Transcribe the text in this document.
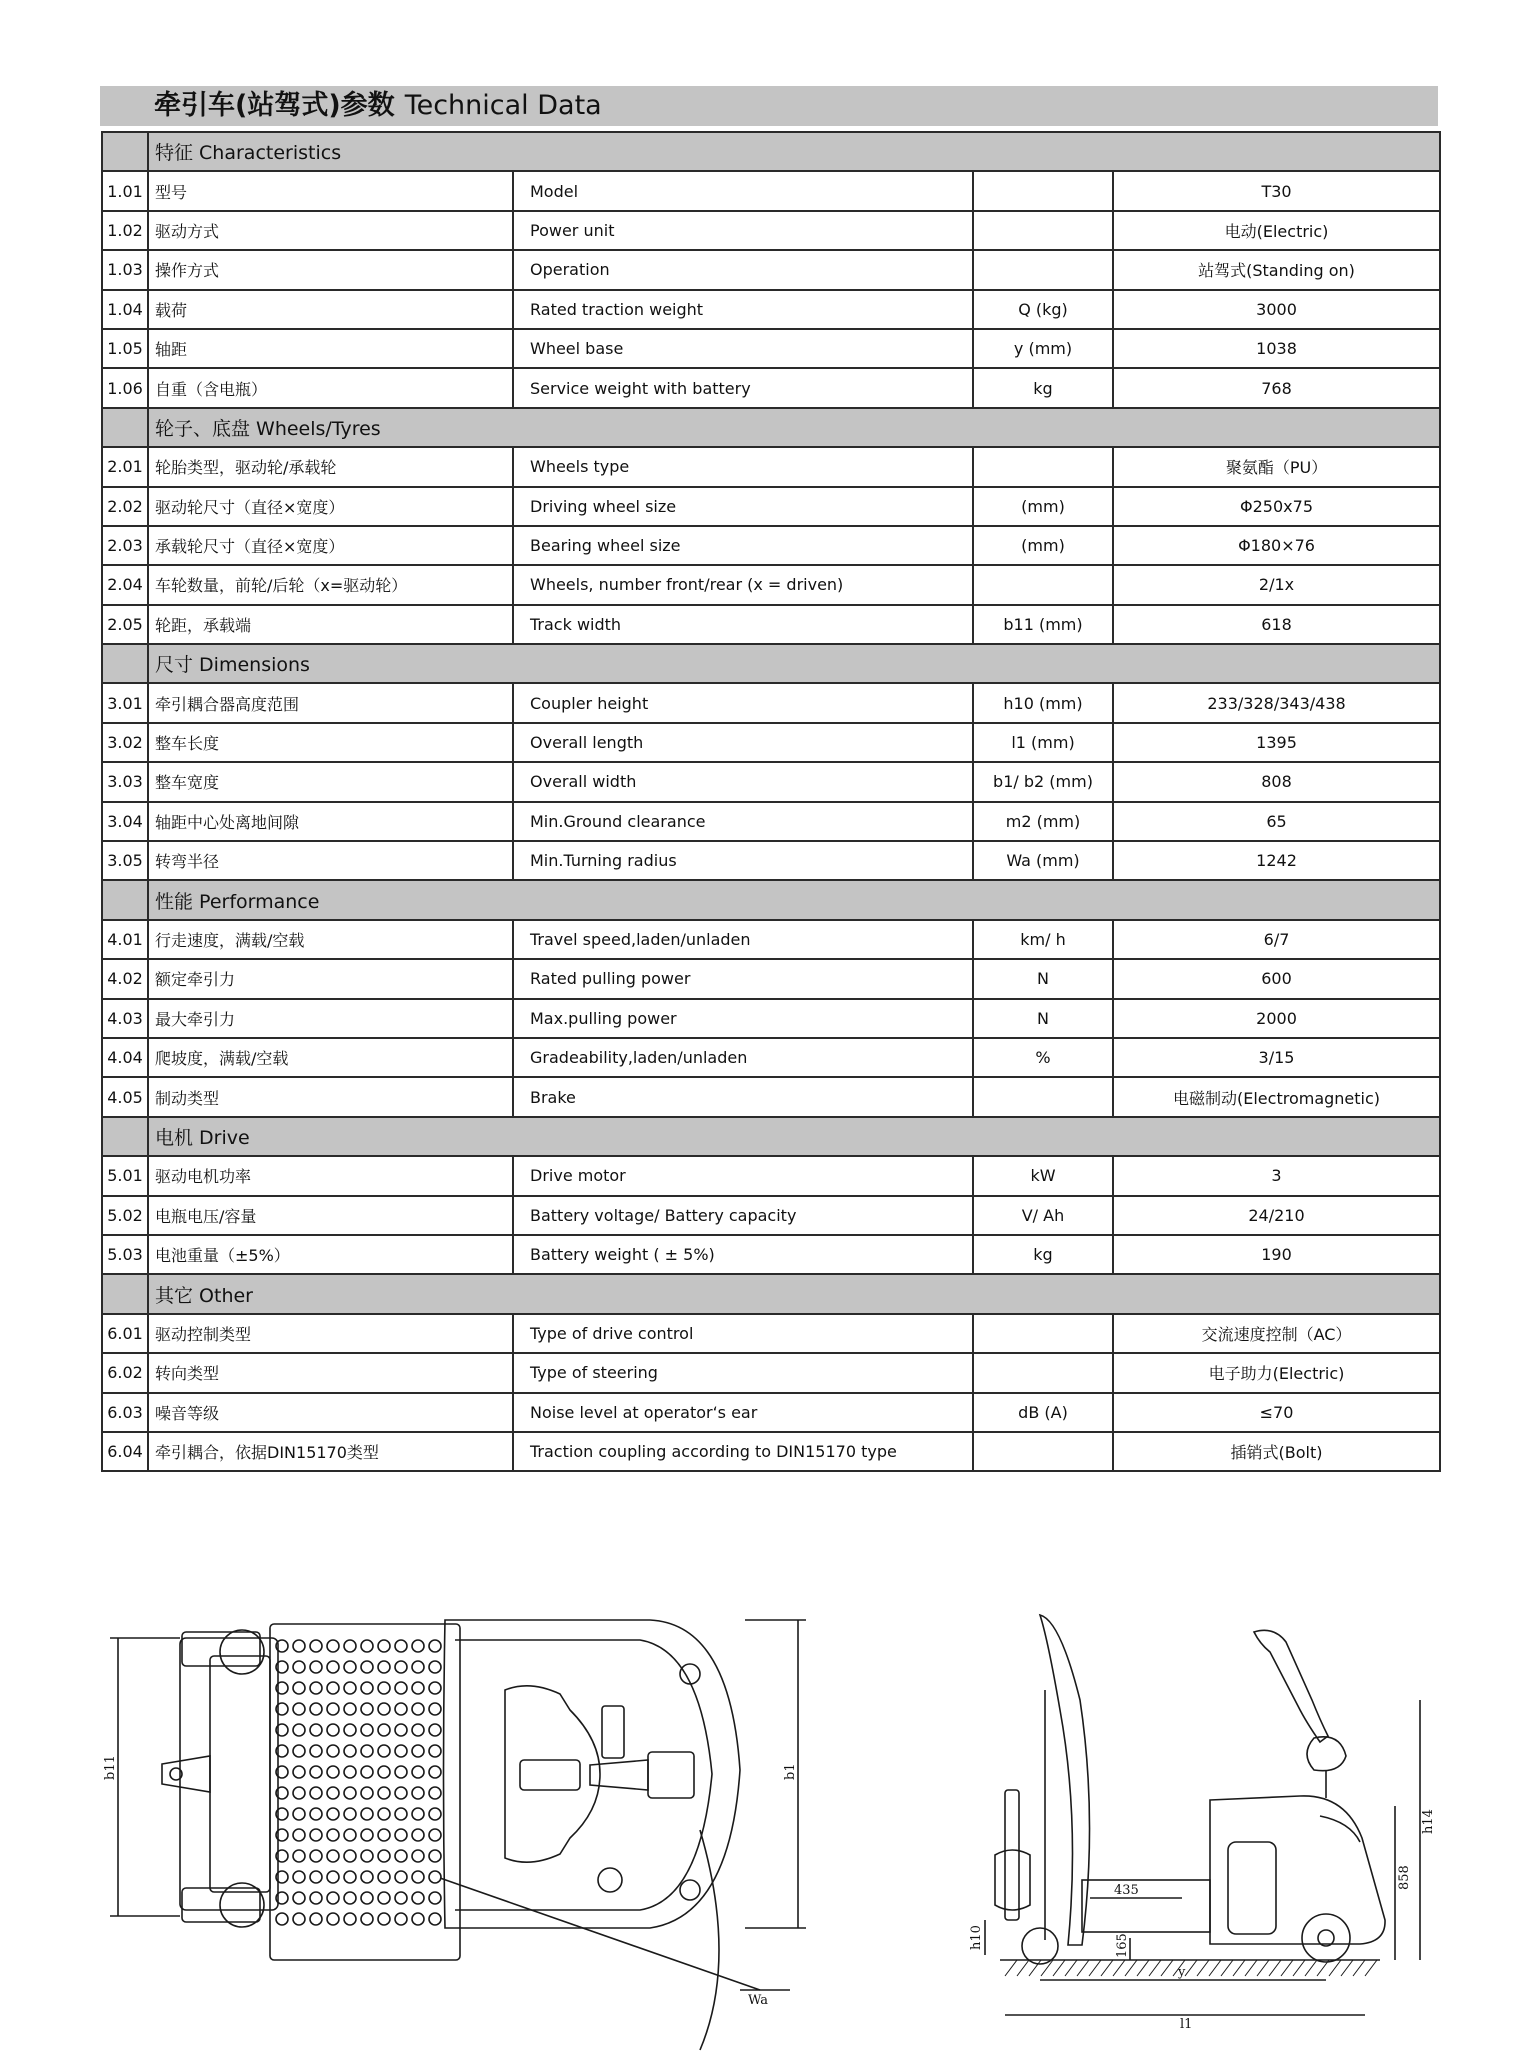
牵引车(站驾式)参数 Technical Data
	特征 Characteristics			
1.01	型号	Model		T30
1.02	驱动方式	Power unit		电动(Electric)
1.03	操作方式	Operation		站驾式(Standing on)
1.04	载荷	Rated traction weight	Q (kg)	3000
1.05	轴距	Wheel base	y (mm)	1038
1.06	自重（含电瓶）	Service weight with battery	kg	768
	轮子、底盘 Wheels/Tyres			
2.01	轮胎类型，驱动轮/承载轮	Wheels type		聚氨酯（PU）
2.02	驱动轮尺寸（直径×宽度）	Driving wheel size	(mm)	Φ250x75
2.03	承载轮尺寸（直径×宽度）	Bearing wheel size	(mm)	Φ180×76
2.04	车轮数量，前轮/后轮（x=驱动轮）	Wheels, number front/rear (x = driven)		2/1x
2.05	轮距，承载端	Track width	b11 (mm)	618
	尺寸 Dimensions			
3.01	牵引耦合器高度范围	Coupler height	h10 (mm)	233/328/343/438
3.02	整车长度	Overall length	l1 (mm)	1395
3.03	整车宽度	Overall width	b1/ b2 (mm)	808
3.04	轴距中心处离地间隙	Min.Ground clearance	m2 (mm)	65
3.05	转弯半径	Min.Turning radius	Wa (mm)	1242
	性能 Performance			
4.01	行走速度，满载/空载	Travel speed,laden/unladen	km/ h	6/7
4.02	额定牵引力	Rated pulling power	N	600
4.03	最大牵引力	Max.pulling power	N	2000
4.04	爬坡度，满载/空载	Gradeability,laden/unladen	%	3/15
4.05	制动类型	Brake		电磁制动(Electromagnetic)
	电机 Drive			
5.01	驱动电机功率	Drive motor	kW	3
5.02	电瓶电压/容量	Battery voltage/ Battery capacity	V/ Ah	24/210
5.03	电池重量（±5%）	Battery weight ( ± 5%)	kg	190
	其它 Other			
6.01	驱动控制类型	Type of drive control		交流速度控制（AC）
6.02	转向类型	Type of steering		电子助力(Electric)
6.03	噪音等级	Noise level at operator‘s ear	dB (A)	≤70
6.04	牵引耦合，依据DIN15170类型	Traction coupling according to DIN15170 type		插销式(Bolt)
b11	b1
Wa
435
h14
858
h10	165
y
l1
